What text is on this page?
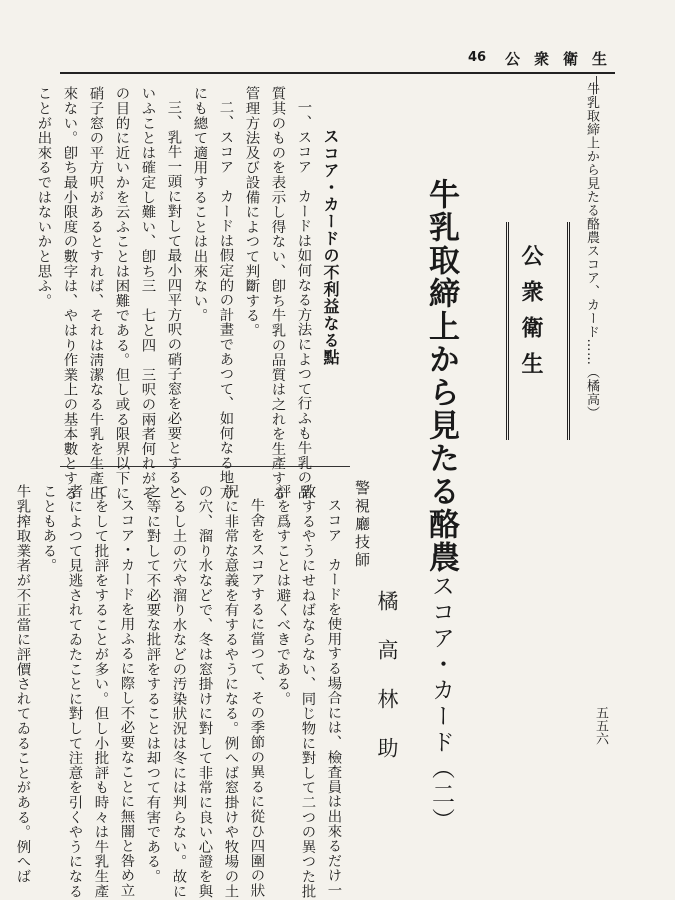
46 公衆衛生
牛乳取締上から見たる酪農スコア、カード……（橘高）
五五六
公衆衛生
牛乳取締上から見たる酪農スコア・カード（二）
警視廳技師
橘高林助
スコア　カードを使用する場合には、檢査員は出來るだけ一
致するやうにせねばならない、同じ物に對して二つの異つた批
評を爲すことは避くべきである。
牛舍をスコアするに當つて、その季節の異るに從ひ四圍の狀
況に非常な意義を有するやうになる。例へば窓掛けや牧場の土
の穴、溜り水などで、冬は窓掛けに對して非常に良い心證を與
へるし土の穴や溜り水などの汚染狀況は冬には判らない。故に
之等に對して不必要な批評をすることは却つて有害である。
スコア・カードを用ふるに際し不必要なことに無闇と咎め立
てをして批評をすることが多い。但し小批評も時々は牛乳生產
者によつて見逃されてゐたことに對して注意を引くやうになる
こともある。
牛乳搾取業者が不正當に評價されてゐることがある。例へば
スコア・カードの不利益なる點
一、スコア　カードは如何なる方法によつて行ふも牛乳の品
質其のものを表示し得ない、卽ち牛乳の品質は之れを生產する
管理方法及び設備によつて判斷する。
二、スコア　カードは假定的の計畫であつて、如何なる地方
にも總て適用することは出來ない。
三、乳牛一頭に對して最小四平方呎の硝子窓を必要とすると
いふことは確定し難い、卽ち三　七と四　三呎の兩者何れがそ
の目的に近いかを云ふことは困難である。但し或る限界以下に
硝子窓の平方呎があるとすれば、それは淸潔なる牛乳を生產出
來ない。卽ち最小限度の數字は、やはり作業上の基本數とする
ことが出來るではないかと思ふ。
